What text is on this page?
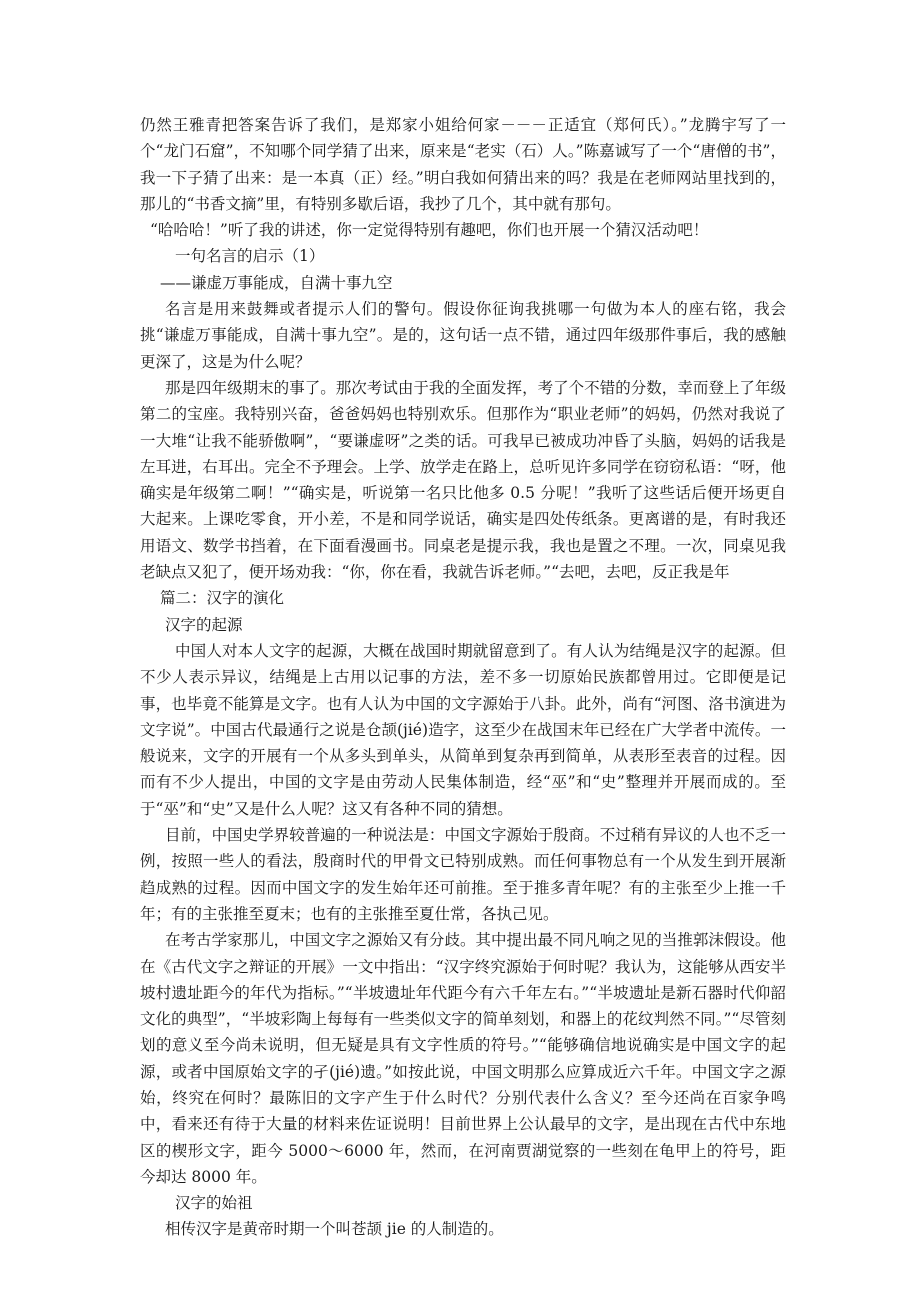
仍然王雅青把答案告诉了我们，是郑家小姐给何家－－－正适宜（郑何氏）。”龙腾宇写了一个“龙门石窟”，不知哪个同学猜了出来，原来是“老实（石）人。”陈嘉诚写了一个“唐僧的书”，我一下子猜了出来：是一本真（正）经。”明白我如何猜出来的吗？我是在老师网站里找到的，那儿的“书香文摘”里，有特别多歇后语，我抄了几个，其中就有那句。

“哈哈哈！”听了我的讲述，你一定觉得特别有趣吧，你们也开展一个猜汉活动吧！

一句名言的启示（1）

——谦虚万事能成，自满十事九空

名言是用来鼓舞或者提示人们的警句。假设你征询我挑哪一句做为本人的座右铭，我会挑“谦虚万事能成，自满十事九空”。是的，这句话一点不错，通过四年级那件事后，我的感触更深了，这是为什么呢？

那是四年级期末的事了。那次考试由于我的全面发挥，考了个不错的分数，幸而登上了年级第二的宝座。我特别兴奋，爸爸妈妈也特别欢乐。但那作为“职业老师”的妈妈，仍然对我说了一大堆“让我不能骄傲啊”，“要谦虚呀”之类的话。可我早已被成功冲昏了头脑，妈妈的话我是左耳进，右耳出。完全不予理会。上学、放学走在路上，总听见许多同学在窃窃私语：“呀，他确实是年级第二啊！”“确实是，听说第一名只比他多 0.5 分呢！”我听了这些话后便开场更自大起来。上课吃零食，开小差，不是和同学说话，确实是四处传纸条。更离谱的是，有时我还用语文、数学书挡着，在下面看漫画书。同桌老是提示我，我也是置之不理。一次，同桌见我老缺点又犯了，便开场劝我：“你，你在看，我就告诉老师。”“去吧，去吧，反正我是年

篇二：汉字的演化

汉字的起源

中国人对本人文字的起源，大概在战国时期就留意到了。有人认为结绳是汉字的起源。但不少人表示异议，结绳是上古用以记事的方法，差不多一切原始民族都曾用过。它即便是记事，也毕竟不能算是文字。也有人认为中国的文字源始于八卦。此外，尚有“河图、洛书演进为文字说”。中国古代最通行之说是仓颉(jié)造字，这至少在战国末年已经在广大学者中流传。一般说来，文字的开展有一个从多头到单头，从简单到复杂再到简单，从表形至表音的过程。因而有不少人提出，中国的文字是由劳动人民集体制造，经“巫”和“史”整理并开展而成的。至于“巫”和“史”又是什么人呢？这又有各种不同的猜想。

目前，中国史学界较普遍的一种说法是：中国文字源始于殷商。不过稍有异议的人也不乏一例，按照一些人的看法，殷商时代的甲骨文已特别成熟。而任何事物总有一个从发生到开展渐趋成熟的过程。因而中国文字的发生始年还可前推。至于推多青年呢？有的主张至少上推一千年；有的主张推至夏末；也有的主张推至夏仕常，各执己见。

在考古学家那儿，中国文字之源始又有分歧。其中提出最不同凡响之见的当推郭沫假设。他在《古代文字之辩证的开展》一文中指出：“汉字终究源始于何时呢？我认为，这能够从西安半坡村遗址距今的年代为指标。”“半坡遗址年代距今有六千年左右。”“半坡遗址是新石器时代仰韶文化的典型”，“半坡彩陶上每每有一些类似文字的简单刻划，和器上的花纹判然不同。”“尽管刻划的意义至今尚未说明，但无疑是具有文字性质的符号。”“能够确信地说确实是中国文字的起源，或者中国原始文字的孑(jié)遗。”如按此说，中国文明那么应算成近六千年。中国文字之源始，终究在何时？最陈旧的文字产生于什么时代？分别代表什么含义？至今还尚在百家争鸣中，看来还有待于大量的材料来佐证说明！目前世界上公认最早的文字，是出现在古代中东地区的楔形文字，距今 5000～6000 年，然而，在河南贾湖觉察的一些刻在龟甲上的符号，距今却达 8000 年。

汉字的始祖

相传汉字是黄帝时期一个叫苍颉 jie 的人制造的。
